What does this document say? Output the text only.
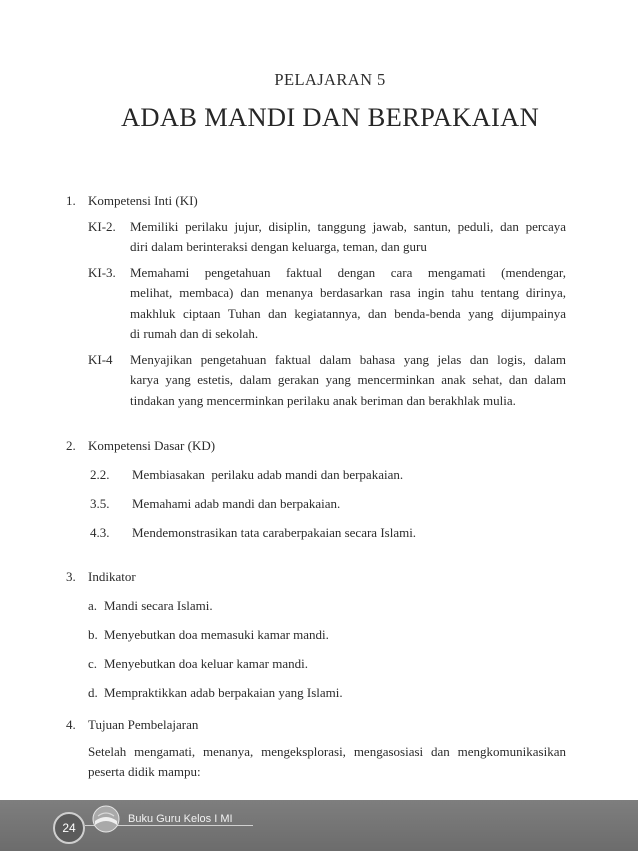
PELAJARAN 5
ADAB MANDI DAN BERPAKAIAN
1. Kompetensi Inti (KI)
KI-2.	Memiliki perilaku jujur, disiplin, tanggung jawab, santun, peduli, dan percaya
diri dalam berinteraksi dengan keluarga, teman, dan guru
KI-3.	Memahami pengetahuan faktual dengan cara mengamati (mendengar,
melihat, membaca) dan menanya berdasarkan rasa ingin tahu tentang dirinya,
makhluk ciptaan Tuhan dan kegiatannya, dan benda-benda yang dijumpainya
di rumah dan di sekolah.
KI-4	Menyajikan pengetahuan faktual dalam bahasa yang jelas dan logis, dalam
karya yang estetis, dalam gerakan yang mencerminkan anak sehat, dan dalam
tindakan yang mencerminkan perilaku anak beriman dan berakhlak mulia.
2. Kompetensi Dasar (KD)
2.2.	Membiasakan  perilaku adab mandi dan berpakaian.
3.5.	Memahami adab mandi dan berpakaian.
4.3.	Mendemonstrasikan tata caraberpakaian secara Islami.
3. Indikator
a. Mandi secara Islami.
b. Menyebutkan doa memasuki kamar mandi.
c. Menyebutkan doa keluar kamar mandi.
d. Mempraktikkan adab berpakaian yang Islami.
4. Tujuan Pembelajaran
Setelah mengamati, menanya, mengeksplorasi, mengasosiasi dan mengkomunikasikan
peserta didik mampu:
24
Buku Guru Kelos I MI
